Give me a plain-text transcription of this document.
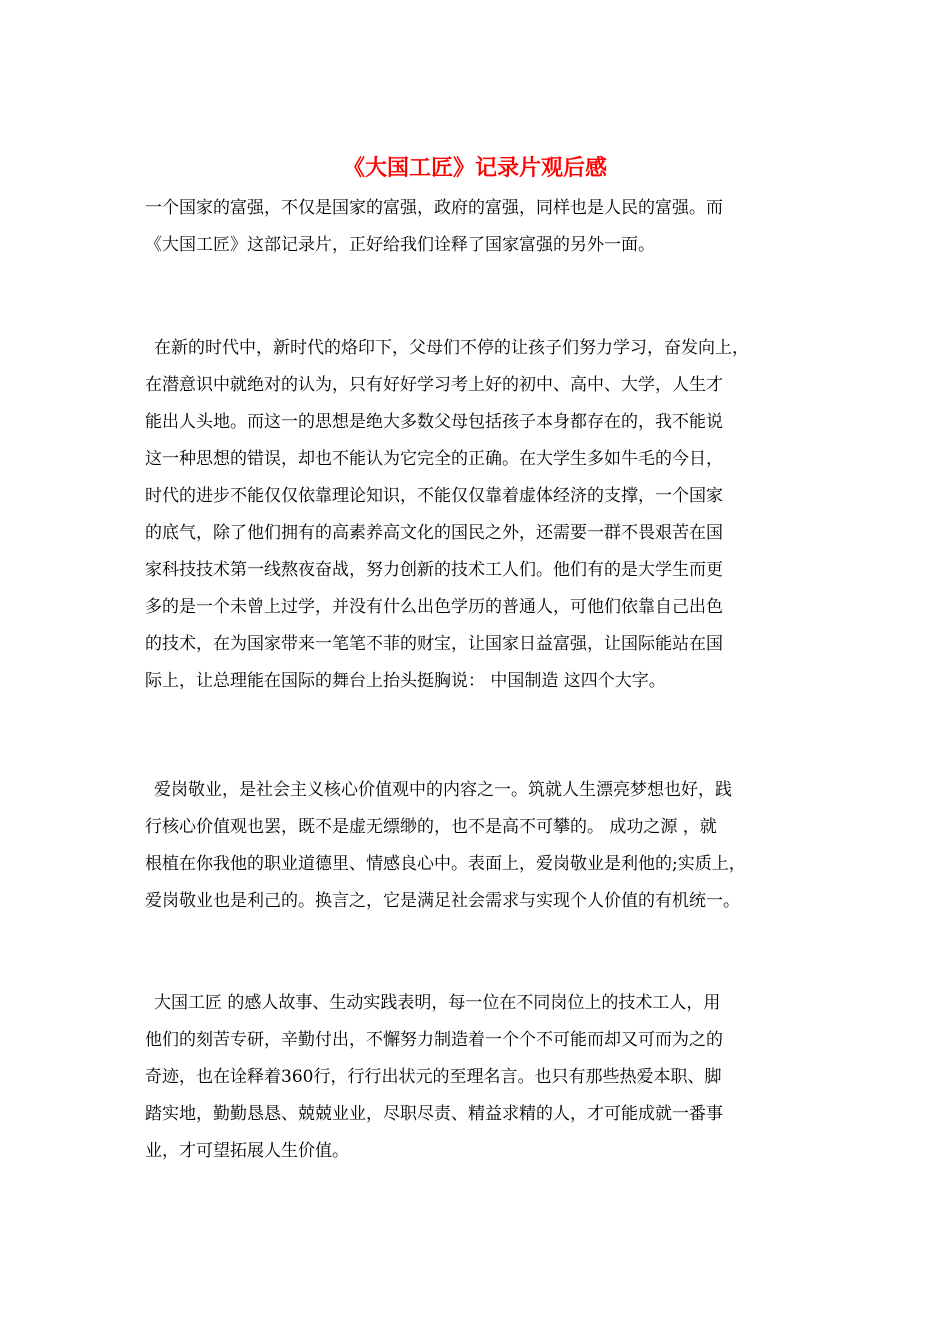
《大国工匠》记录片观后感
一个国家的富强，不仅是国家的富强，政府的富强，同样也是人民的富强。而
《大国工匠》这部记录片，正好给我们诠释了国家富强的另外一面。
在新的时代中，新时代的烙印下，父母们不停的让孩子们努力学习，奋发向上，
在潜意识中就绝对的认为，只有好好学习考上好的初中、高中、大学，人生才
能出人头地。而这一的思想是绝大多数父母包括孩子本身都存在的，我不能说
这一种思想的错误，却也不能认为它完全的正确。在大学生多如牛毛的今日，
时代的进步不能仅仅依靠理论知识，不能仅仅靠着虚体经济的支撑，一个国家
的底气，除了他们拥有的高素养高文化的国民之外，还需要一群不畏艰苦在国
家科技技术第一线熬夜奋战，努力创新的技术工人们。他们有的是大学生而更
多的是一个未曾上过学，并没有什么出色学历的普通人，可他们依靠自己出色
的技术，在为国家带来一笔笔不菲的财宝，让国家日益富强，让国际能站在国
际上，让总理能在国际的舞台上抬头挺胸说： 中国制造 这四个大字。
爱岗敬业，是社会主义核心价值观中的内容之一。筑就人生漂亮梦想也好，践
行核心价值观也罢，既不是虚无缥缈的，也不是高不可攀的。 成功之源 ，就
根植在你我他的职业道德里、情感良心中。表面上，爱岗敬业是利他的;实质上，
爱岗敬业也是利己的。换言之，它是满足社会需求与实现个人价值的有机统一。
大国工匠 的感人故事、生动实践表明，每一位在不同岗位上的技术工人，用
他们的刻苦专研，辛勤付出，不懈努力制造着一个个不可能而却又可而为之的
奇迹，也在诠释着360行，行行出状元的至理名言。也只有那些热爱本职、脚
踏实地，勤勤恳恳、兢兢业业，尽职尽责、精益求精的人，才可能成就一番事
业，才可望拓展人生价值。
